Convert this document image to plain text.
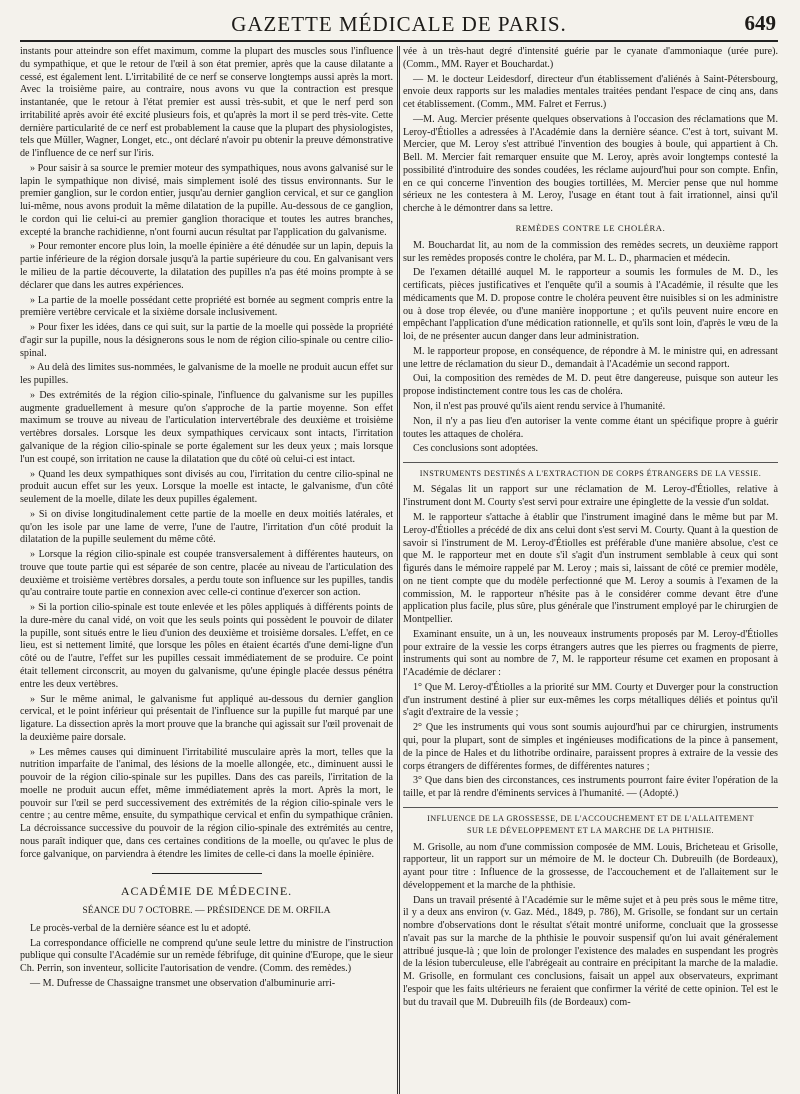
GAZETTE MÉDICALE DE PARIS.	649

instants pour atteindre son effet maximum, comme la plupart des muscles sous l'influence du sympathique, et que le retour de l'œil à son état premier, après que la cause dilatante a cessé, est également lent. L'irritabilité de ce nerf se conserve longtemps aussi après la mort. Avec la troisième paire, au contraire, nous avons vu que la contraction est presque instantanée, que le retour à l'état premier est aussi très-subit, et que le nerf perd son irritabilité après avoir été excité plusieurs fois, et qu'après la mort il se perd très-vite. Cette dernière particularité de ce nerf est probablement la cause que la plupart des physiologistes, tels que Müller, Wagner, Longet, etc., ont déclaré n'avoir pu obtenir la preuve démonstrative de l'influence de ce nerf sur l'iris.

» Pour saisir à sa source le premier moteur des sympathiques, nous avons galvanisé sur le lapin le sympathique non divisé, mais simplement isolé des tissus environnants. Sur le premier ganglion, sur le cordon entier, jusqu'au dernier ganglion cervical, et sur ce ganglion lui-même, nous avons produit la même dilatation de la pupille. Au-dessous de ce ganglion, le cordon qui lie celui-ci au premier ganglion thoracique et toutes les autres branches, excepté la branche rachidienne, n'ont fourni aucun résultat par l'application du galvanisme.

» Pour remonter encore plus loin, la moelle épinière a été dénudée sur un lapin, depuis la partie inférieure de la région dorsale jusqu'à la partie supérieure du cou. En galvanisant vers le milieu de la partie découverte, la dilatation des pupilles n'a pas été moins prompte à se déclarer que dans les autres expériences.

» La partie de la moelle possédant cette propriété est bornée au segment compris entre la première vertèbre cervicale et la sixième dorsale inclusivement.

» Pour fixer les idées, dans ce qui suit, sur la partie de la moelle qui possède la propriété d'agir sur la pupille, nous la désignerons sous le nom de région cilio-spinale ou centre cilio-spinal.

» Au delà des limites sus-nommées, le galvanisme de la moelle ne produit aucun effet sur les pupilles.

» Des extrémités de la région cilio-spinale, l'influence du galvanisme sur les pupilles augmente graduellement à mesure qu'on s'approche de la partie moyenne. Son effet maximum se trouve au niveau de l'articulation intervertébrale des deuxième et troisième vertèbres dorsales. Lorsque les deux sympathiques cervicaux sont intacts, l'irritation galvanique de la région cilio-spinale se porte également sur les deux yeux ; mais lorsque l'un est coupé, son irritation ne cause la dilatation que du côté où celui-ci est intact.

» Quand les deux sympathiques sont divisés au cou, l'irritation du centre cilio-spinal ne produit aucun effet sur les yeux. Lorsque la moelle est intacte, le galvanisme, d'un côté seulement de la moelle, dilate les deux pupilles également.

» Si on divise longitudinalement cette partie de la moelle en deux moitiés latérales, et qu'on les isole par une lame de verre, l'une de l'autre, l'irritation d'un côté produit la dilatation de la pupille seulement du même côté.

» Lorsque la région cilio-spinale est coupée transversalement à différentes hauteurs, on trouve que toute partie qui est séparée de son centre, placée au niveau de l'articulation des deuxième et troisième vertèbres dorsales, a perdu toute son influence sur les pupilles, tandis qu'au contraire toute partie en connexion avec celle-ci continue d'exercer son action.

» Si la portion cilio-spinale est toute enlevée et les pôles appliqués à différents points de la dure-mère du canal vidé, on voit que les seuls points qui possèdent le pouvoir de dilater la pupille, sont situés entre le lieu d'union des deuxième et troisième dorsales. L'effet, en ce lieu, est si nettement limité, que lorsque les pôles en étaient écartés d'une demi-ligne d'un côté ou de l'autre, l'effet sur les pupilles cessait immédiatement de se produire. Ce point était tellement circonscrit, au moyen du galvanisme, qu'une épingle placée dessus pénétra entre les deux vertèbres.

» Sur le même animal, le galvanisme fut appliqué au-dessous du dernier ganglion cervical, et le point inférieur qui présentait de l'influence sur la pupille fut marqué par une ligature. La dissection après la mort prouve que la branche qui agissait sur l'œil provenait de la deuxième paire dorsale.

» Les mêmes causes qui diminuent l'irritabilité musculaire après la mort, telles que la nutrition imparfaite de l'animal, des lésions de la moelle allongée, etc., diminuent aussi le pouvoir de la région cilio-spinale sur les pupilles. Dans des cas pareils, l'irritation de la moelle ne produit aucun effet, même immédiatement après la mort. Après la mort, le pouvoir sur l'œil se perd successivement des extrémités de la région cilio-spinale vers le centre ; au centre même, ensuite, du sympathique cervical et enfin du sympathique crânien. La décroissance successive du pouvoir de la région cilio-spinale des extrémités au centre, nous paraît indiquer que, dans ces certaines conditions de la moelle, ou qu'avec le plus de force galvanique, on parviendra à étendre les limites de celle-ci dans la moelle épinière.

ACADÉMIE DE MÉDECINE.
SÉANCE DU 7 OCTOBRE. — PRÉSIDENCE DE M. ORFILA

Le procès-verbal de la dernière séance est lu et adopté.

La correspondance officielle ne comprend qu'une seule lettre du ministre de l'instruction publique qui consulte l'Académie sur un remède fébrifuge, dit quinine d'Europe, que le sieur Ch. Perrin, son inventeur, sollicite l'autorisation de vendre. (Comm. des remèdes.)

— M. Dufresse de Chassaigne transmet une observation d'albuminurie arri-

vée à un très-haut degré d'intensité guérie par le cyanate d'ammoniaque (urée pure). (Comm., MM. Rayer et Bouchardat.)

— M. le docteur Leidesdorf, directeur d'un établissement d'aliénés à Saint-Pétersbourg, envoie deux rapports sur les maladies mentales traitées pendant l'espace de cinq ans, dans cet établissement. (Comm., MM. Falret et Ferrus.)

—M. Aug. Mercier présente quelques observations à l'occasion des réclamations que M. Leroy-d'Étiolles a adressées à l'Académie dans la dernière séance. C'est à tort, suivant M. Mercier, que M. Leroy s'est attribué l'invention des bougies à boule, qui appartient à Ch. Bell. M. Mercier fait remarquer ensuite que M. Leroy, après avoir longtemps contesté la possibilité d'introduire des sondes coudées, les réclame aujourd'hui pour son compte. Enfin, en ce qui concerne l'invention des bougies tortillées, M. Mercier pense que nul homme sérieux ne les contestera à M. Leroy, l'usage en étant tout à fait irrationnel, ainsi qu'il cherche à le démontrer dans sa lettre.

REMÈDES CONTRE LE CHOLÉRA.

M. Bouchardat lit, au nom de la commission des remèdes secrets, un deuxième rapport sur les remèdes proposés contre le choléra, par M. L. D., pharmacien et médecin.

De l'examen détaillé auquel M. le rapporteur a soumis les formules de M. D., les certificats, pièces justificatives et l'enquête qu'il a soumis à l'Académie, il résulte que les médicaments que M. D. propose contre le choléra peuvent être nuisibles si on les administre ou à dose trop élevée, ou d'une manière inopportune ; et qu'ils peuvent nuire encore en empêchant l'application d'une médication rationnelle, et qu'ils sont loin, d'après le vœu de la loi, de ne présenter aucun danger dans leur administration.

M. le rapporteur propose, en conséquence, de répondre à M. le ministre qui, en adressant une lettre de réclamation du sieur D., demandait à l'Académie un second rapport.

Oui, la composition des remèdes de M. D. peut être dangereuse, puisque son auteur les propose indistinctement contre tous les cas de choléra.

Non, il n'est pas prouvé qu'ils aient rendu service à l'humanité.

Non, il n'y a pas lieu d'en autoriser la vente comme étant un spécifique propre à guérir toutes les attaques de choléra.

Ces conclusions sont adoptées.

INSTRUMENTS DESTINÉS A L'EXTRACTION DE CORPS ÉTRANGERS DE LA VESSIE.

M. Ségalas lit un rapport sur une réclamation de M. Leroy-d'Étiolles, relative à l'instrument dont M. Courty s'est servi pour extraire une épinglette de la vessie d'un soldat.

M. le rapporteur s'attache à établir que l'instrument imaginé dans le même but par M. Leroy-d'Étiolles a précédé de dix ans celui dont s'est servi M. Courty. Quant à la question de savoir si l'instrument de M. Leroy-d'Étiolles est préférable d'une manière absolue, c'est ce que M. le rapporteur met en doute s'il s'agit d'un instrument semblable à ceux qui sont figurés dans le mémoire rappelé par M. Leroy ; mais si, laissant de côté ce premier modèle, on ne tient compte que du modèle perfectionné que M. Leroy a soumis à l'examen de la commission, M. le rapporteur n'hésite pas à le considérer comme devant être d'une application plus facile, plus sûre, plus générale que l'instrument employé par le chirurgien de Montpellier.

Examinant ensuite, un à un, les nouveaux instruments proposés par M. Leroy-d'Étiolles pour extraire de la vessie les corps étrangers autres que les pierres ou fragments de pierre, instruments qui sont au nombre de 7, M. le rapporteur résume cet examen en proposant à l'Académie de déclarer :

1° Que M. Leroy-d'Étiolles a la priorité sur MM. Courty et Duverger pour la construction d'un instrument destiné à plier sur eux-mêmes les corps métalliques déliés et pointus qu'il s'agit d'extraire de la vessie ;

2° Que les instruments qui vous sont soumis aujourd'hui par ce chirurgien, instruments qui, pour la plupart, sont de simples et ingénieuses modifications de la pince à pansement, de la pince de Hales et du lithotribe ordinaire, paraissent propres à extraire de la vessie des corps étrangers de différentes formes, de différentes natures ;

3° Que dans bien des circonstances, ces instruments pourront faire éviter l'opération de la taille, et par là rendre d'éminents services à l'humanité. — (Adopté.)

INFLUENCE DE LA GROSSESSE, DE L'ACCOUCHEMENT ET DE L'ALLAITEMENT
SUR LE DÉVELOPPEMENT ET LA MARCHE DE LA PHTHISIE.

M. Grisolle, au nom d'une commission composée de MM. Louis, Bricheteau et Grisolle, rapporteur, lit un rapport sur un mémoire de M. le docteur Ch. Dubreuilh (de Bordeaux), ayant pour titre : Influence de la grossesse, de l'accouchement et de l'allaitement sur le développement et la marche de la phthisie.

Dans un travail présenté à l'Académie sur le même sujet et à peu près sous le même titre, il y a deux ans environ (v. Gaz. Méd., 1849, p. 786), M. Grisolle, se fondant sur un certain nombre d'observations dont le résultat s'était montré uniforme, concluait que la grossesse n'avait pas sur la marche de la phthisie le pouvoir suspensif qu'on lui avait généralement attribué jusque-là ; que loin de prolonger l'existence des malades en suspendant les progrès de la lésion tuberculeuse, elle l'abrégeait au contraire en précipitant la marche de la maladie. M. Grisolle, en formulant ces conclusions, faisait un appel aux observateurs, exprimant l'espoir que les faits ultérieurs ne feraient que confirmer la vérité de cette opinion. Tel est le but du travail que M. Dubreuilh fils (de Bordeaux) com-
